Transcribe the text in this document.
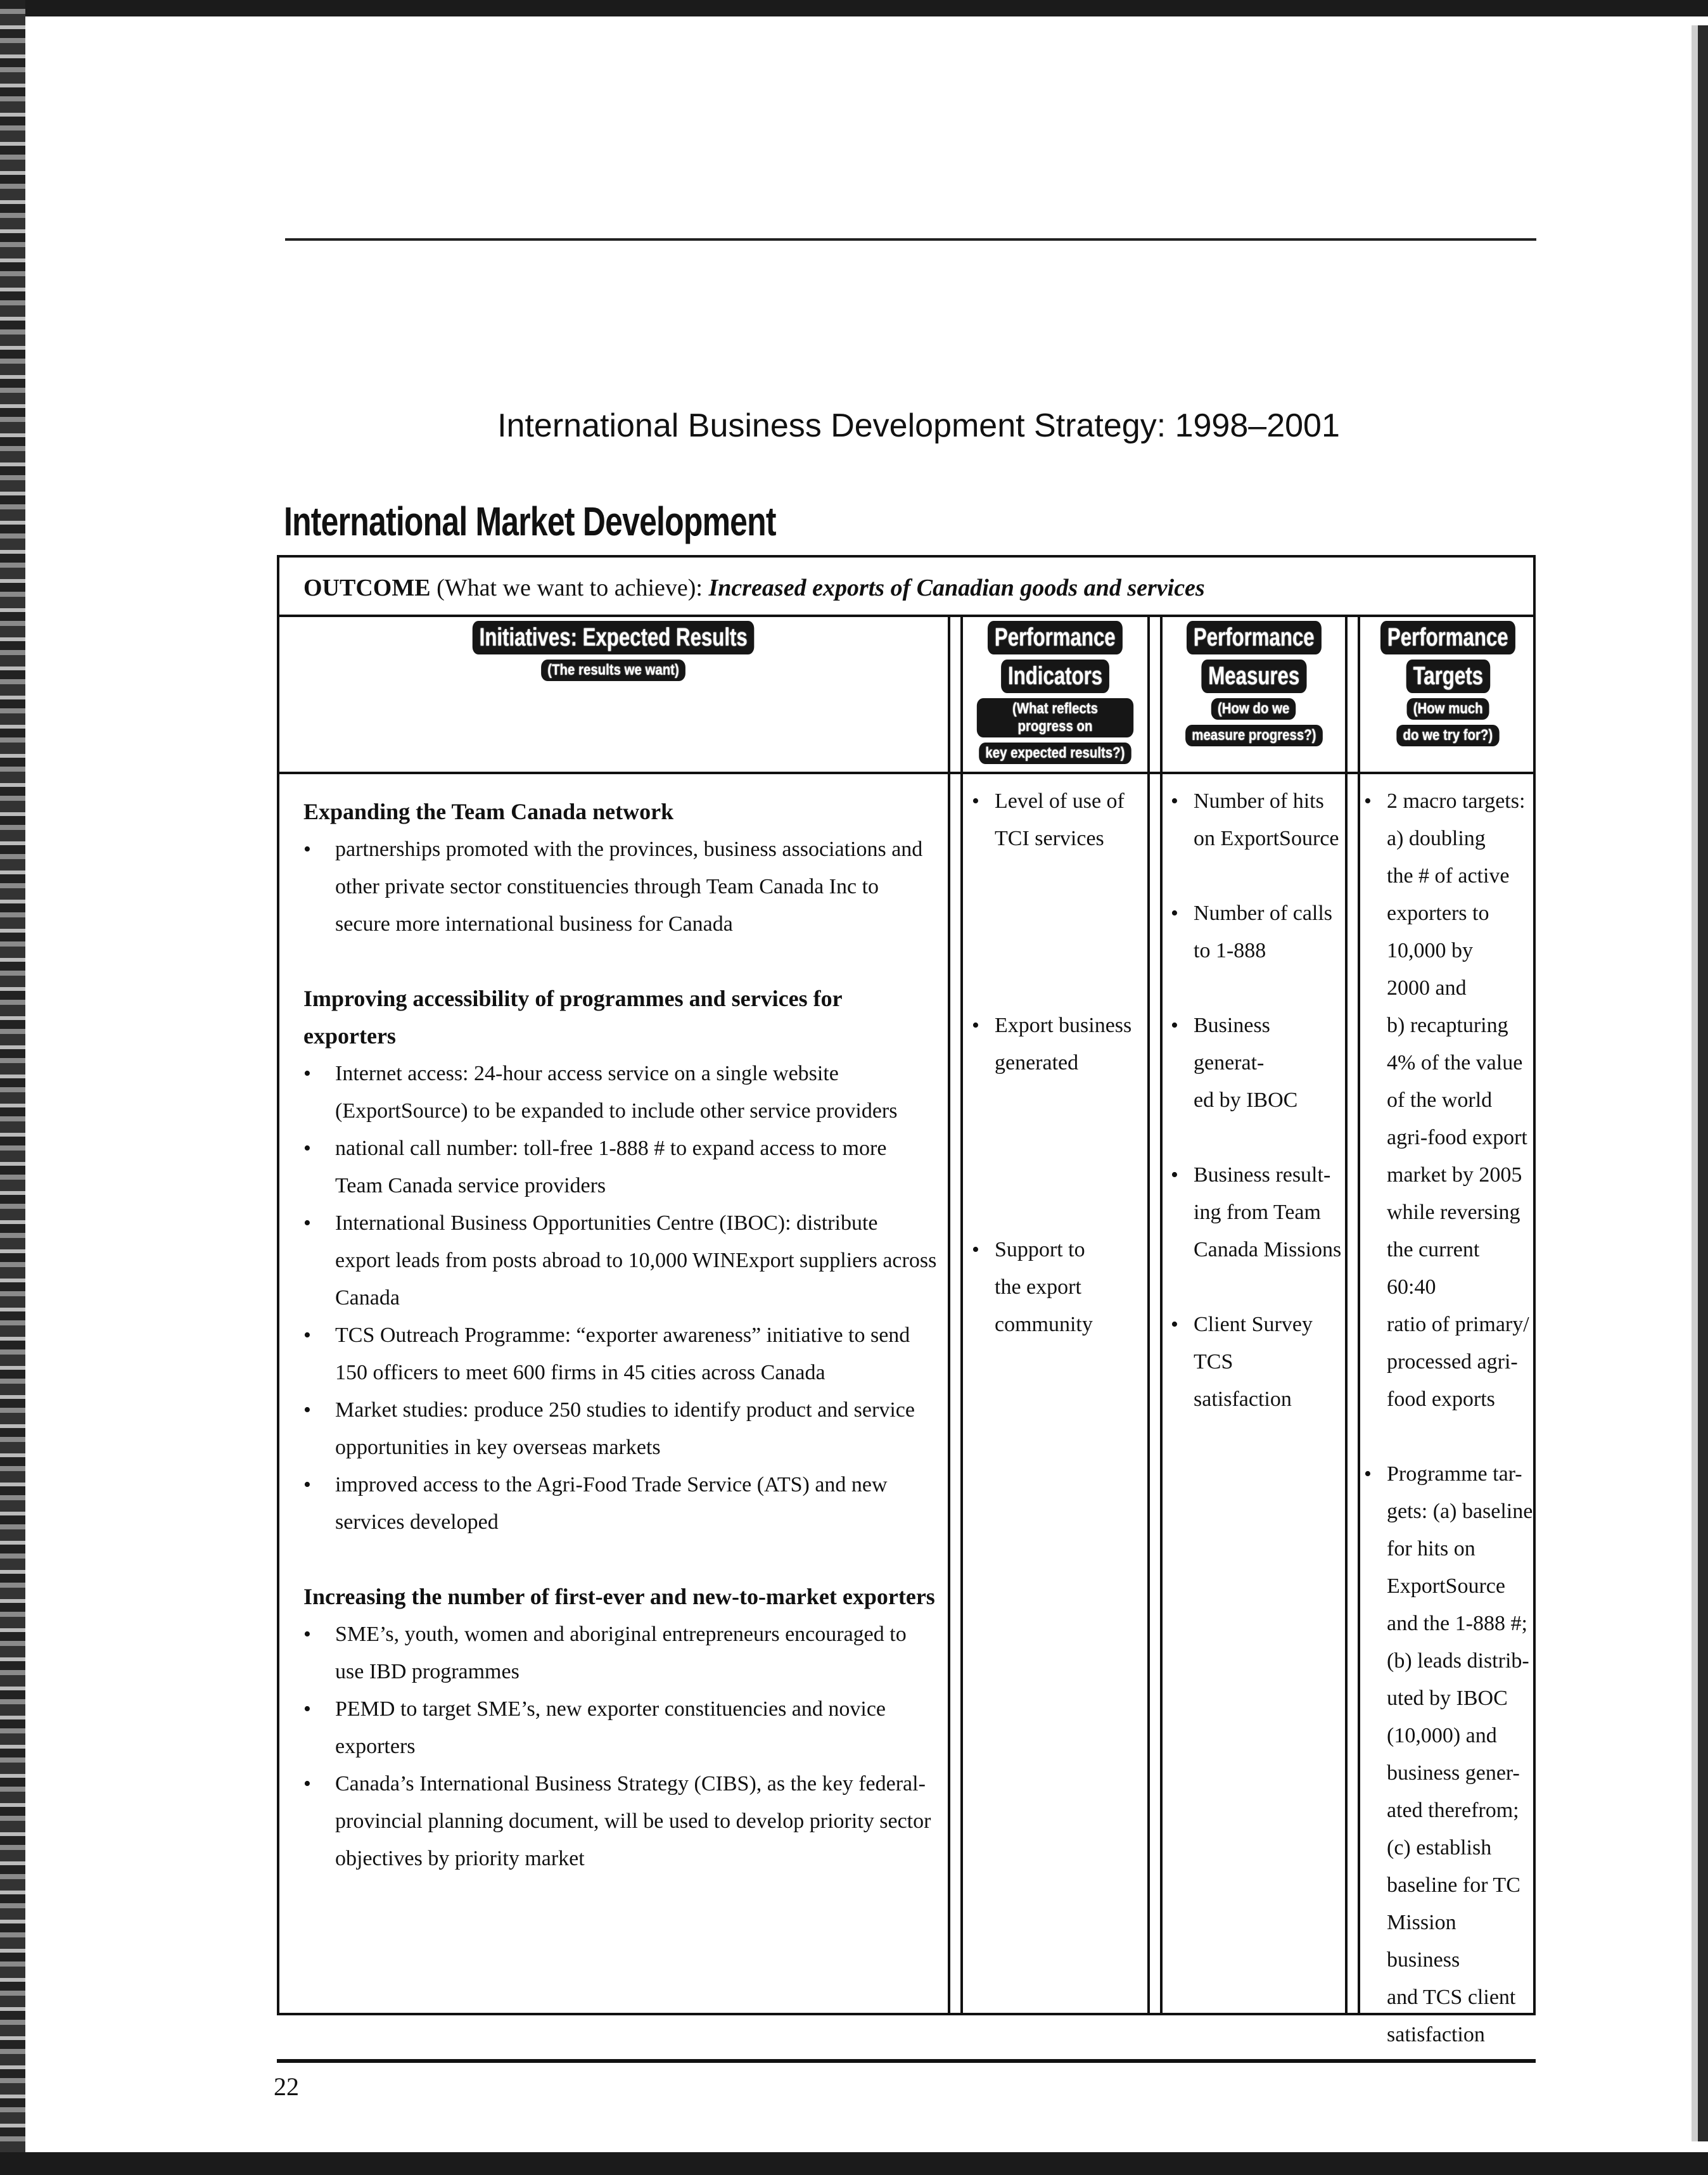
International Business Development Strategy: 1998–2001
International Market Development
OUTCOME (What we want to achieve): Increased exports of Canadian goods and services
Initiatives: Expected Results
(The results we want)
Performance
Indicators
(What reflects progress on
key expected results?)
Performance
Measures
(How do we
measure progress?)
Performance
Targets
(How much
do we try for?)

Expanding the Team Canada network

• partnerships promoted with the provinces, business associations and other private sector constituencies through Team Canada Inc to secure more international business for Canada

Improving accessibility of programmes and services for exporters

• Internet access: 24-hour access service on a single website (ExportSource) to be expanded to include other service providers
• national call number: toll-free 1-888 # to expand access to more Team Canada service providers
• International Business Opportunities Centre (IBOC): distribute export leads from posts abroad to 10,000 WINExport suppliers across Canada
• TCS Outreach Programme: “exporter awareness” initiative to send 150 officers to meet 600 firms in 45 cities across Canada
• Market studies: produce 250 studies to identify product and service opportunities in key overseas markets
• improved access to the Agri-Food Trade Service (ATS) and new services developed

Increasing the number of first-ever and new-to-market exporters

• SME’s, youth, women and aboriginal entrepreneurs encouraged to use IBD programmes
• PEMD to target SME’s, new exporter constituencies and novice exporters
• Canada’s International Business Strategy (CIBS), as the key federal-provincial planning document, will be used to develop priority sector objectives by priority market
• Level of use of
TCI services
• Export business
generated
• Support to
the export
community
• Number of hits
on ExportSource
• Number of calls
to 1-888
• Business generat-
ed by IBOC
• Business result-
ing from Team
Canada Missions
• Client Survey TCS
satisfaction
• 2 macro targets:
a) doubling
the # of active
exporters to
10,000 by
2000 and
b) recapturing
4% of the value
of the world
agri-food export
market by 2005
while reversing
the current 60:40
ratio of primary/
processed agri-
food exports
• Programme tar-
gets: (a) baseline
for hits on
ExportSource
and the 1-888 #;
(b) leads distrib-
uted by IBOC
(10,000) and
business gener-
ated therefrom;
(c) establish
baseline for TC
Mission business
and TCS client
satisfaction
22
